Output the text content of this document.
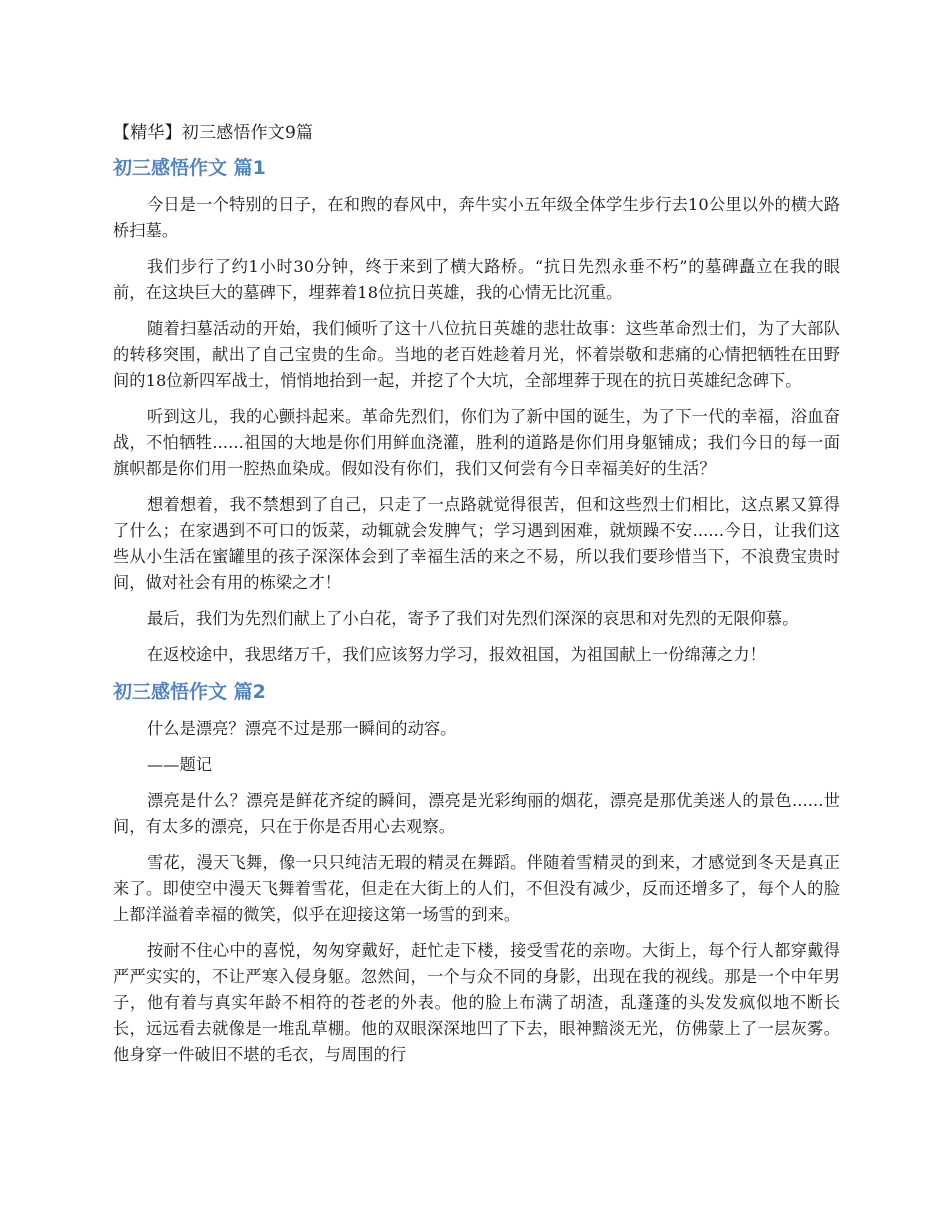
【精华】初三感悟作文9篇
初三感悟作文 篇1

今日是一个特别的日子，在和煦的春风中，奔牛实小五年级全体学生步行去10公里以外的横大路桥扫墓。

我们步行了约1小时30分钟，终于来到了横大路桥。“抗日先烈永垂不朽”的墓碑矗立在我的眼前，在这块巨大的墓碑下，埋葬着18位抗日英雄，我的心情无比沉重。

随着扫墓活动的开始，我们倾听了这十八位抗日英雄的悲壮故事：这些革命烈士们，为了大部队的转移突围，献出了自己宝贵的生命。当地的老百姓趁着月光，怀着崇敬和悲痛的心情把牺牲在田野间的18位新四军战士，悄悄地抬到一起，并挖了个大坑，全部埋葬于现在的抗日英雄纪念碑下。

听到这儿，我的心颤抖起来。革命先烈们，你们为了新中国的诞生，为了下一代的幸福，浴血奋战，不怕牺牲......祖国的大地是你们用鲜血浇灌，胜利的道路是你们用身躯铺成；我们今日的每一面旗帜都是你们用一腔热血染成。假如没有你们，我们又何尝有今日幸福美好的生活？

想着想着，我不禁想到了自己，只走了一点路就觉得很苦，但和这些烈士们相比，这点累又算得了什么；在家遇到不可口的饭菜，动辄就会发脾气；学习遇到困难，就烦躁不安......今日，让我们这些从小生活在蜜罐里的孩子深深体会到了幸福生活的来之不易，所以我们要珍惜当下，不浪费宝贵时间，做对社会有用的栋梁之才！

最后，我们为先烈们献上了小白花，寄予了我们对先烈们深深的哀思和对先烈的无限仰慕。

在返校途中，我思绪万千，我们应该努力学习，报效祖国，为祖国献上一份绵薄之力！

初三感悟作文 篇2

什么是漂亮？漂亮不过是那一瞬间的动容。

——题记

漂亮是什么？漂亮是鲜花齐绽的瞬间，漂亮是光彩绚丽的烟花，漂亮是那优美迷人的景色......世间，有太多的漂亮，只在于你是否用心去观察。

雪花，漫天飞舞，像一只只纯洁无瑕的精灵在舞蹈。伴随着雪精灵的到来，才感觉到冬天是真正来了。即使空中漫天飞舞着雪花，但走在大街上的人们，不但没有减少，反而还增多了，每个人的脸上都洋溢着幸福的微笑，似乎在迎接这第一场雪的到来。

按耐不住心中的喜悦，匆匆穿戴好，赶忙走下楼，接受雪花的亲吻。大街上，每个行人都穿戴得严严实实的，不让严寒入侵身躯。忽然间，一个与众不同的身影，出现在我的视线。那是一个中年男子，他有着与真实年龄不相符的苍老的外表。他的脸上布满了胡渣，乱蓬蓬的头发发疯似地不断长长，远远看去就像是一堆乱草棚。他的双眼深深地凹了下去，眼神黯淡无光，仿佛蒙上了一层灰雾。他身穿一件破旧不堪的毛衣，与周围的行
